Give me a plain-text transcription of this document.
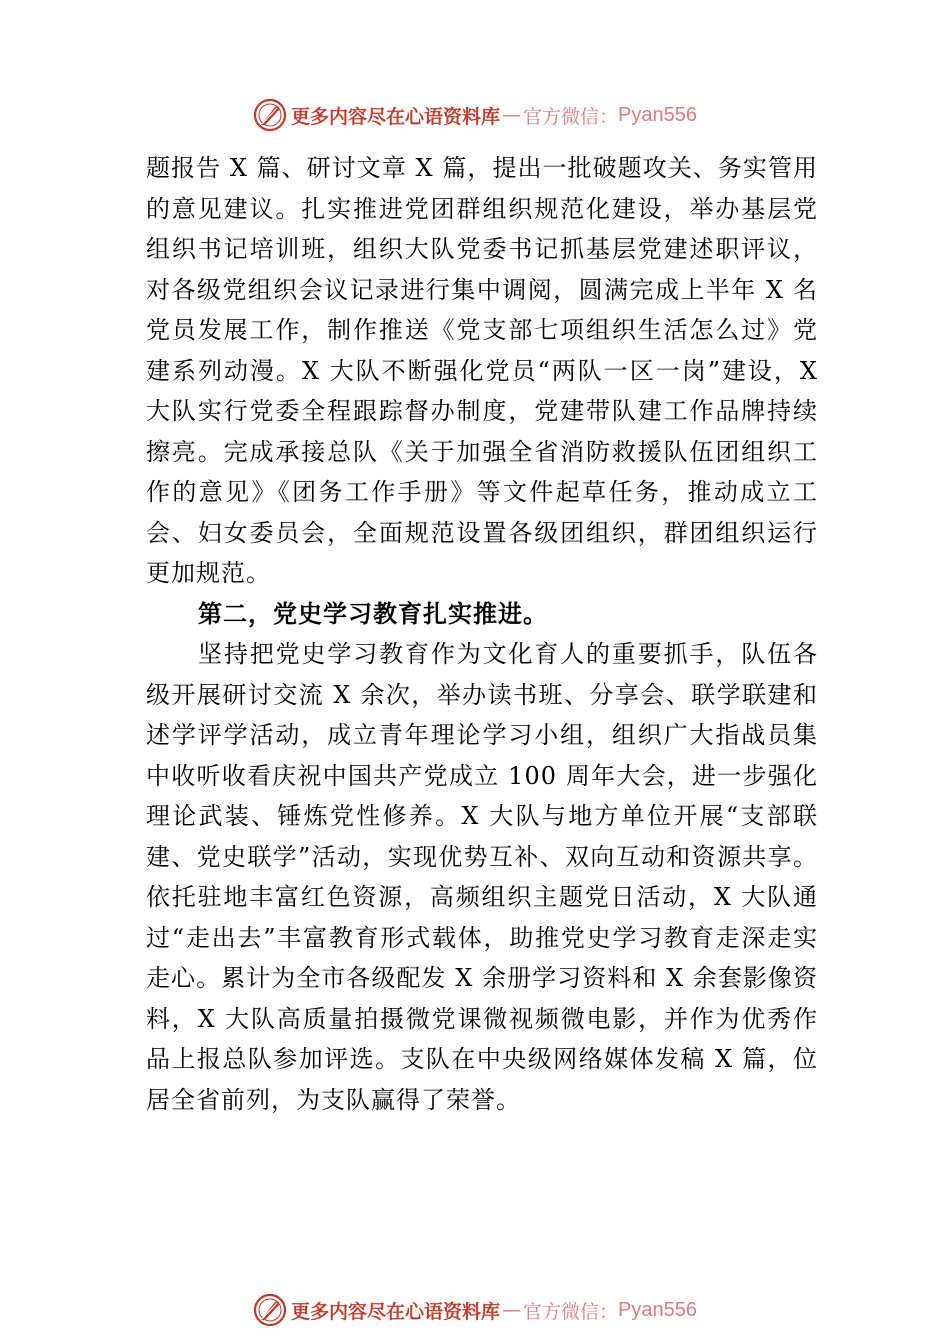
更多内容尽在心语资料库 — 官方微信： Pyan556

题报告 X 篇、研讨文章 X 篇，提出一批破题攻关、务实管用的意见建议。扎实推进党团群组织规范化建设，举办基层党组织书记培训班，组织大队党委书记抓基层党建述职评议， 对各级党组织会议记录进行集中调阅，圆满完成上半年 X 名党员发展工作，制作推送《党支部七项组织生活怎么过》党建系列动漫。X 大队不断强化党员“两队一区一岗”建设，X 大队实行党委全程跟踪督办制度，党建带队建工作品牌持续擦亮。完成承接总队《关于加强全省消防救援队伍团组织工作的意见》《团务工作手册》等文件起草任务，推动成立工会、妇女委员会，全面规范设置各级团组织，群团组织运行更加规范。

第二，党史学习教育扎实推进。

坚持把党史学习教育作为文化育人的重要抓手，队伍各级开展研讨交流 X 余次，举办读书班、分享会、联学联建和述学评学活动，成立青年理论学习小组，组织广大指战员集中收听收看庆祝中国共产党成立 100 周年大会，进一步强化理论武装、锤炼党性修养。X 大队与地方单位开展“支部联建、党史联学”活动，实现优势互补、双向互动和资源共享。依托驻地丰富红色资源，高频组织主题党日活动，X 大队通过“走出去”丰富教育形式载体，助推党史学习教育走深走实走心。累计为全市各级配发 X 余册学习资料和 X 余套影像资料，X 大队高质量拍摄微党课微视频微电影，并作为优秀作品上报总队参加评选。支队在中央级网络媒体发稿 X 篇，位居全省前列，为支队赢得了荣誉。

更多内容尽在心语资料库 — 官方微信： Pyan556
